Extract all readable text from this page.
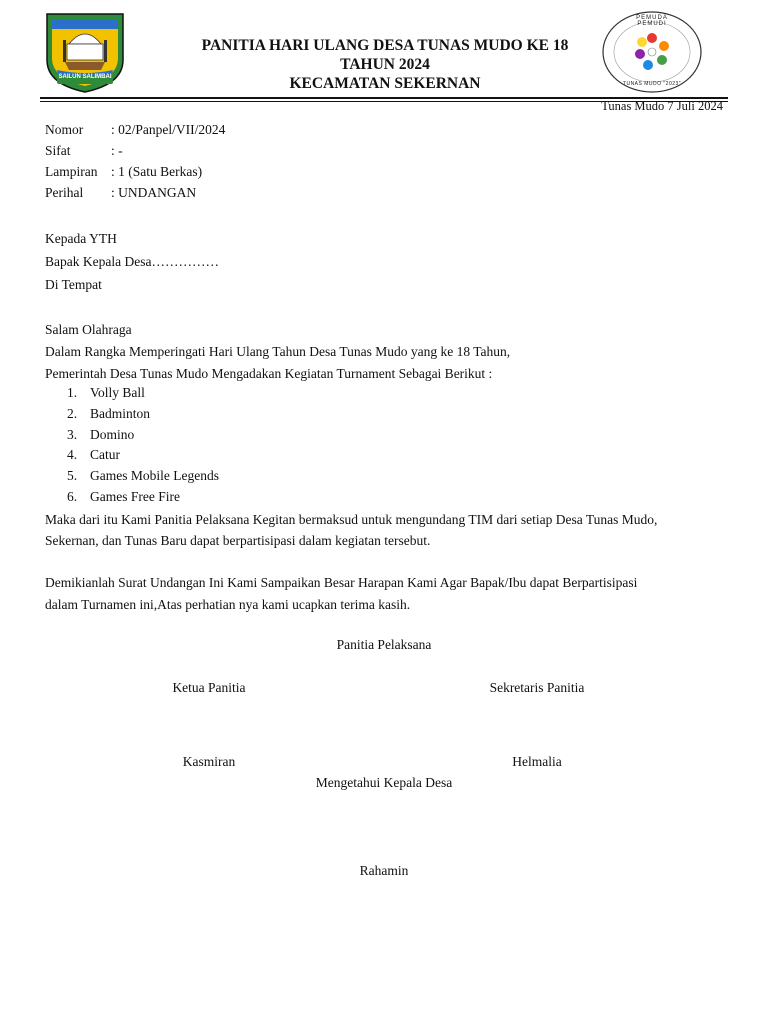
SAILUN SALIMBAI
PANITIA HARI ULANG DESA TUNAS MUDO KE 18
TAHUN 2024
KECAMATAN SEKERNAN
PEMUDA PEMUDI
TUNAS MUDO "2023"
Tunas Mudo 7 Juli 2024
Nomor : 02/Panpel/VII/2024
Sifat	: -
Lampiran : 1 (Satu Berkas)
Perihal : UNDANGAN
Kepada YTH
Bapak Kepala Desa……………
Di Tempat
Salam Olahraga
Dalam Rangka Memperingati Hari Ulang Tahun Desa Tunas Mudo yang ke 18 Tahun,
Pemerintah Desa Tunas Mudo Mengadakan Kegiatan Turnament Sebagai Berikut :
1. Volly Ball
2. Badminton
3. Domino
4. Catur
5. Games Mobile Legends
6. Games Free Fire
Maka dari itu Kami Panitia Pelaksana Kegitan bermaksud untuk mengundang TIM dari setiap Desa Tunas Mudo,
Sekernan, dan Tunas Baru dapat berpartisipasi dalam kegiatan tersebut.
Demikianlah Surat Undangan Ini Kami Sampaikan Besar Harapan Kami Agar Bapak/Ibu dapat Berpartisipasi
dalam Turnamen ini,Atas perhatian nya kami ucapkan terima kasih.
Panitia Pelaksana
Ketua Panitia	Sekretaris Panitia
Kasmiran	Helmalia
Mengetahui Kepala Desa
Rahamin
